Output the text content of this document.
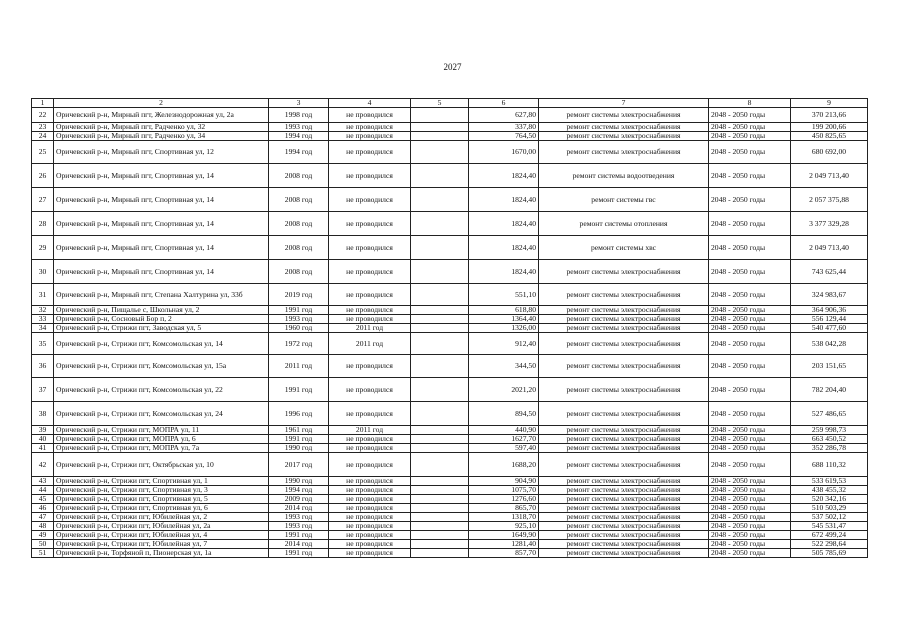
2027
1	2	3	4	5	6	7	8	9
22	Оричевский р-н, Мирный пгт, Железнодорожная ул, 2а	1998 год	не проводился		627,80	ремонт системы электроснабжения	2048 - 2050 годы	370 213,66
23	Оричевский р-н, Мирный пгт, Радченко ул, 32	1993 год	не проводился		337,80	ремонт системы электроснабжения	2048 - 2050 годы	199 200,66
24	Оричевский р-н, Мирный пгт, Радченко ул, 34	1994 год	не проводился		764,50	ремонт системы электроснабжения	2048 - 2050 годы	450 825,65
25	Оричевский р-н, Мирный пгт, Спортивная ул, 12	1994 год	не проводился		1670,00	ремонт системы электроснабжения	2048 - 2050 годы	680 692,00
26	Оричевский р-н, Мирный пгт, Спортивная ул, 14	2008 год	не проводился		1824,40	ремонт системы водоотведения	2048 - 2050 годы	2 049 713,40
27	Оричевский р-н, Мирный пгт, Спортивная ул, 14	2008 год	не проводился		1824,40	ремонт системы гвс	2048 - 2050 годы	2 057 375,88
28	Оричевский р-н, Мирный пгт, Спортивная ул, 14	2008 год	не проводился		1824,40	ремонт системы отопления	2048 - 2050 годы	3 377 329,28
29	Оричевский р-н, Мирный пгт, Спортивная ул, 14	2008 год	не проводился		1824,40	ремонт системы хвс	2048 - 2050 годы	2 049 713,40
30	Оричевский р-н, Мирный пгт, Спортивная ул, 14	2008 год	не проводился		1824,40	ремонт системы электроснабжения	2048 - 2050 годы	743 625,44
31	Оричевский р-н, Мирный пгт, Степана Халтурина ул, 33б	2019 год	не проводился		551,10	ремонт системы электроснабжения	2048 - 2050 годы	324 983,67
32	Оричевский р-н, Пищалье с, Школьная ул, 2	1991 год	не проводился		618,80	ремонт системы электроснабжения	2048 - 2050 годы	364 906,36
33	Оричевский р-н, Сосновый Бор п, 2	1993 год	не проводился		1364,40	ремонт системы электроснабжения	2048 - 2050 годы	556 129,44
34	Оричевский р-н, Стрижи пгт, Заводская ул, 5	1960 год	2011 год		1326,00	ремонт системы электроснабжения	2048 - 2050 годы	540 477,60
35	Оричевский р-н, Стрижи пгт, Комсомольская ул, 14	1972 год	2011 год		912,40	ремонт системы электроснабжения	2048 - 2050 годы	538 042,28
36	Оричевский р-н, Стрижи пгт, Комсомольская ул, 15а	2011 год	не проводился		344,50	ремонт системы электроснабжения	2048 - 2050 годы	203 151,65
37	Оричевский р-н, Стрижи пгт, Комсомольская ул, 22	1991 год	не проводился		2021,20	ремонт системы электроснабжения	2048 - 2050 годы	782 204,40
38	Оричевский р-н, Стрижи пгт, Комсомольская ул, 24	1996 год	не проводился		894,50	ремонт системы электроснабжения	2048 - 2050 годы	527 486,65
39	Оричевский р-н, Стрижи пгт, МОПРА ул, 11	1961 год	2011 год		440,90	ремонт системы электроснабжения	2048 - 2050 годы	259 998,73
40	Оричевский р-н, Стрижи пгт, МОПРА ул, 6	1991 год	не проводился		1627,70	ремонт системы электроснабжения	2048 - 2050 годы	663 450,52
41	Оричевский р-н, Стрижи пгт, МОПРА ул, 7а	1990 год	не проводился		597,40	ремонт системы электроснабжения	2048 - 2050 годы	352 286,78
42	Оричевский р-н, Стрижи пгт, Октябрьская ул, 10	2017 год	не проводился		1688,20	ремонт системы электроснабжения	2048 - 2050 годы	688 110,32
43	Оричевский р-н, Стрижи пгт, Спортивная ул, 1	1990 год	не проводился		904,90	ремонт системы электроснабжения	2048 - 2050 годы	533 619,53
44	Оричевский р-н, Стрижи пгт, Спортивная ул, 3	1994 год	не проводился		1075,70	ремонт системы электроснабжения	2048 - 2050 годы	438 455,32
45	Оричевский р-н, Стрижи пгт, Спортивная ул, 5	2009 год	не проводился		1276,60	ремонт системы электроснабжения	2048 - 2050 годы	520 342,16
46	Оричевский р-н, Стрижи пгт, Спортивная ул, 6	2014 год	не проводился		865,70	ремонт системы электроснабжения	2048 - 2050 годы	510 503,29
47	Оричевский р-н, Стрижи пгт, Юбилейная ул, 2	1993 год	не проводился		1318,70	ремонт системы электроснабжения	2048 - 2050 годы	537 502,12
48	Оричевский р-н, Стрижи пгт, Юбилейная ул, 2а	1993 год	не проводился		925,10	ремонт системы электроснабжения	2048 - 2050 годы	545 531,47
49	Оричевский р-н, Стрижи пгт, Юбилейная ул, 4	1991 год	не проводился		1649,90	ремонт системы электроснабжения	2048 - 2050 годы	672 499,24
50	Оричевский р-н, Стрижи пгт, Юбилейная ул, 7	2014 год	не проводился		1281,40	ремонт системы электроснабжения	2048 - 2050 годы	522 298,64
51	Оричевский р-н, Торфяной п, Пионерская ул, 1а	1991 год	не проводился		857,70	ремонт системы электроснабжения	2048 - 2050 годы	505 785,69
